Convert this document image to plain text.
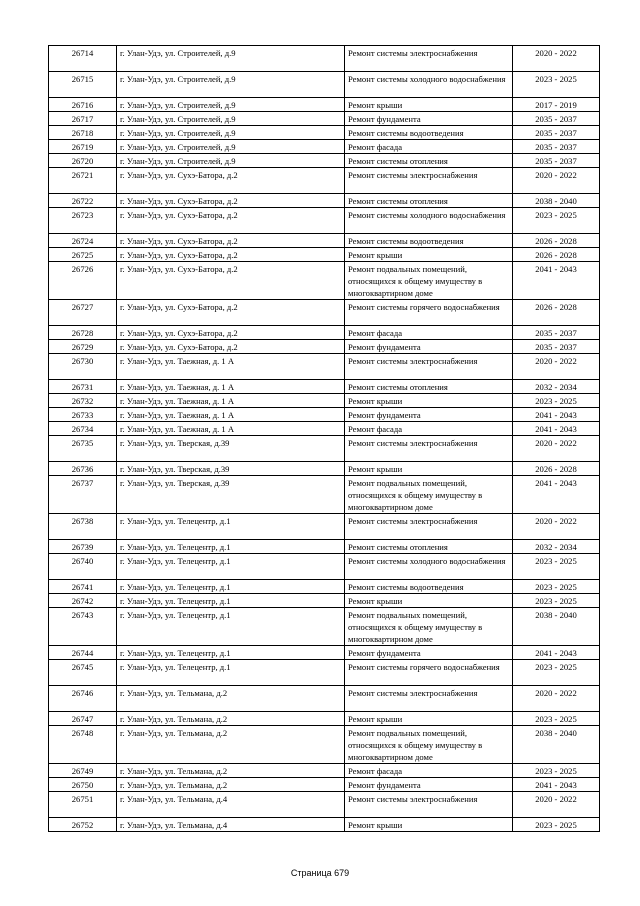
26714	г. Улан-Удэ, ул. Строителей, д.9	Ремонт системы электроснабжения	2020 - 2022
26715	г. Улан-Удэ, ул. Строителей, д.9	Ремонт системы холодного водоснабжения	2023 - 2025
26716	г. Улан-Удэ, ул. Строителей, д.9	Ремонт крыши	2017 - 2019
26717	г. Улан-Удэ, ул. Строителей, д.9	Ремонт фундамента	2035 - 2037
26718	г. Улан-Удэ, ул. Строителей, д.9	Ремонт системы водоотведения	2035 - 2037
26719	г. Улан-Удэ, ул. Строителей, д.9	Ремонт фасада	2035 - 2037
26720	г. Улан-Удэ, ул. Строителей, д.9	Ремонт системы отопления	2035 - 2037
26721	г. Улан-Удэ, ул. Сухэ-Батора, д.2	Ремонт системы электроснабжения	2020 - 2022
26722	г. Улан-Удэ, ул. Сухэ-Батора, д.2	Ремонт системы отопления	2038 - 2040
26723	г. Улан-Удэ, ул. Сухэ-Батора, д.2	Ремонт системы холодного водоснабжения	2023 - 2025
26724	г. Улан-Удэ, ул. Сухэ-Батора, д.2	Ремонт системы водоотведения	2026 - 2028
26725	г. Улан-Удэ, ул. Сухэ-Батора, д.2	Ремонт крыши	2026 - 2028
26726	г. Улан-Удэ, ул. Сухэ-Батора, д.2	Ремонт подвальных помещений, относящихся к общему имуществу в многоквартирном доме	2041 - 2043
26727	г. Улан-Удэ, ул. Сухэ-Батора, д.2	Ремонт системы горячего водоснабжения	2026 - 2028
26728	г. Улан-Удэ, ул. Сухэ-Батора, д.2	Ремонт фасада	2035 - 2037
26729	г. Улан-Удэ, ул. Сухэ-Батора, д.2	Ремонт фундамента	2035 - 2037
26730	г. Улан-Удэ, ул. Таежная, д. 1 А	Ремонт системы электроснабжения	2020 - 2022
26731	г. Улан-Удэ, ул. Таежная, д. 1 А	Ремонт системы отопления	2032 - 2034
26732	г. Улан-Удэ, ул. Таежная, д. 1 А	Ремонт крыши	2023 - 2025
26733	г. Улан-Удэ, ул. Таежная, д. 1 А	Ремонт фундамента	2041 - 2043
26734	г. Улан-Удэ, ул. Таежная, д. 1 А	Ремонт фасада	2041 - 2043
26735	г. Улан-Удэ, ул. Тверская, д.39	Ремонт системы электроснабжения	2020 - 2022
26736	г. Улан-Удэ, ул. Тверская, д.39	Ремонт крыши	2026 - 2028
26737	г. Улан-Удэ, ул. Тверская, д.39	Ремонт подвальных помещений, относящихся к общему имуществу в многоквартирном доме	2041 - 2043
26738	г. Улан-Удэ, ул. Телецентр, д.1	Ремонт системы электроснабжения	2020 - 2022
26739	г. Улан-Удэ, ул. Телецентр, д.1	Ремонт системы отопления	2032 - 2034
26740	г. Улан-Удэ, ул. Телецентр, д.1	Ремонт системы холодного водоснабжения	2023 - 2025
26741	г. Улан-Удэ, ул. Телецентр, д.1	Ремонт системы водоотведения	2023 - 2025
26742	г. Улан-Удэ, ул. Телецентр, д.1	Ремонт крыши	2023 - 2025
26743	г. Улан-Удэ, ул. Телецентр, д.1	Ремонт подвальных помещений, относящихся к общему имуществу в многоквартирном доме	2038 - 2040
26744	г. Улан-Удэ, ул. Телецентр, д.1	Ремонт фундамента	2041 - 2043
26745	г. Улан-Удэ, ул. Телецентр, д.1	Ремонт системы горячего водоснабжения	2023 - 2025
26746	г. Улан-Удэ, ул. Тельмана, д.2	Ремонт системы электроснабжения	2020 - 2022
26747	г. Улан-Удэ, ул. Тельмана, д.2	Ремонт крыши	2023 - 2025
26748	г. Улан-Удэ, ул. Тельмана, д.2	Ремонт подвальных помещений, относящихся к общему имуществу в многоквартирном доме	2038 - 2040
26749	г. Улан-Удэ, ул. Тельмана, д.2	Ремонт фасада	2023 - 2025
26750	г. Улан-Удэ, ул. Тельмана, д.2	Ремонт фундамента	2041 - 2043
26751	г. Улан-Удэ, ул. Тельмана, д.4	Ремонт системы электроснабжения	2020 - 2022
26752	г. Улан-Удэ, ул. Тельмана, д.4	Ремонт крыши	2023 - 2025
Страница 679
